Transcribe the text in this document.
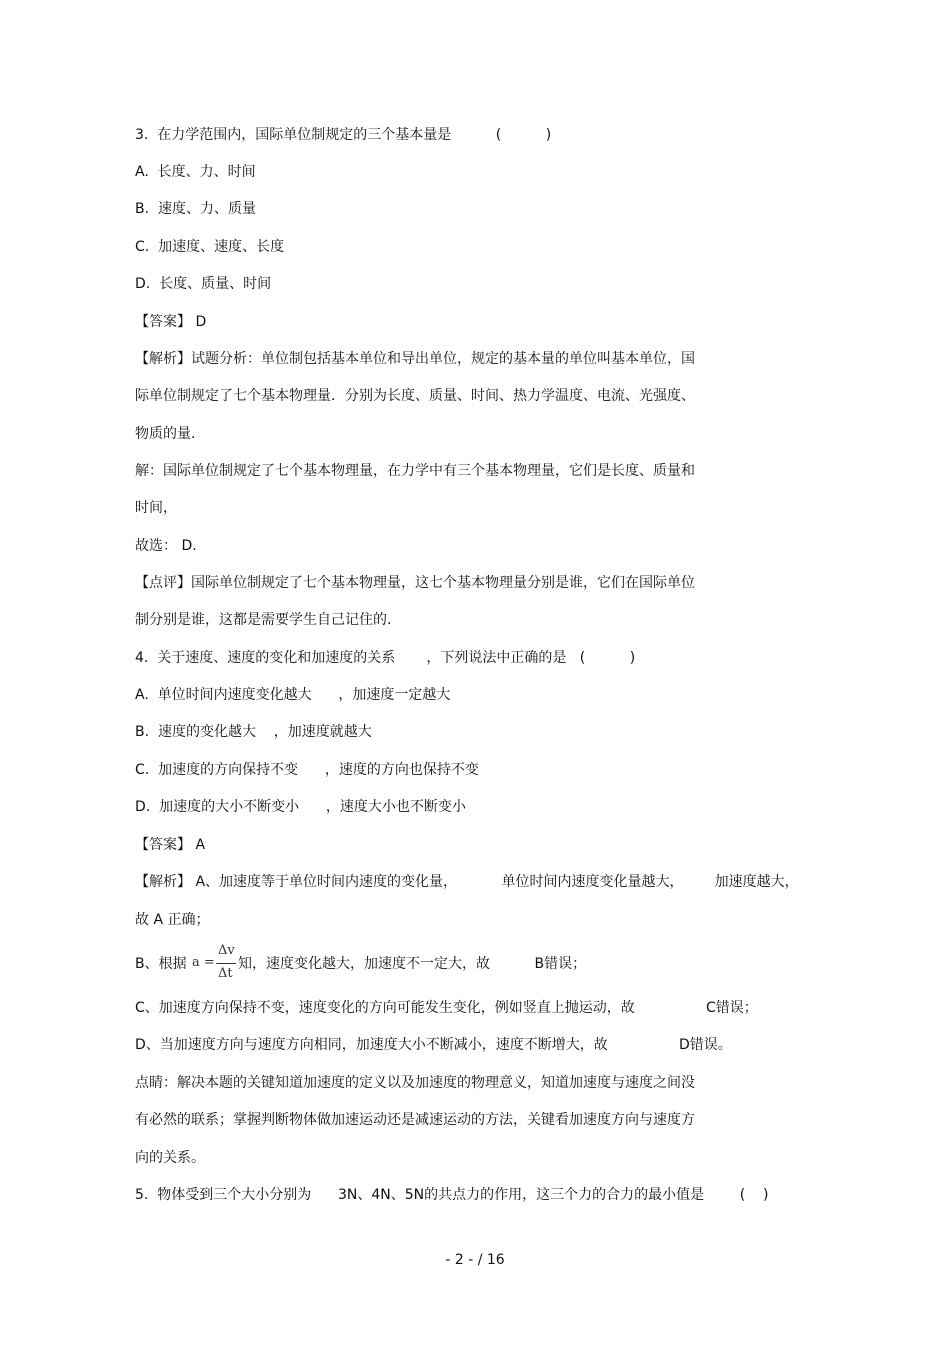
3.  在力学范围内，国际单位制规定的三个基本量是          (          )
A.  长度、力、时间
B.  速度、力、质量
C.  加速度、速度、长度
D.  长度、质量、时间
【答案】 D
【解析】试题分析：单位制包括基本单位和导出单位，规定的基本量的单位叫基本单位，国
际单位制规定了七个基本物理量．分别为长度、质量、时间、热力学温度、电流、光强度、
物质的量.
解：国际单位制规定了七个基本物理量，在力学中有三个基本物理量，它们是长度、质量和
时间，
故选： D.
【点评】国际单位制规定了七个基本物理量，这七个基本物理量分别是谁，它们在国际单位
制分别是谁，这都是需要学生自己记住的.
4.  关于速度、速度的变化和加速度的关系       ，下列说法中正确的是   (          )
A.  单位时间内速度变化越大      ，加速度一定越大
B.  速度的变化越大    ，加速度就越大
C.  加速度的方向保持不变      ，速度的方向也保持不变
D.  加速度的大小不断变小      ，速度大小也不断变小
【答案】 A
【解析】 A、加速度等于单位时间内速度的变化量，          单位时间内速度变化量越大，       加速度越大，
故 A 正确；
B、根据 a =
Δv
Δt
知，速度变化越大，加速度不一定大，故          B错误；
C、加速度方向保持不变，速度变化的方向可能发生变化，例如竖直上抛运动，故                C错误；
D、当加速度方向与速度方向相同，加速度大小不断减小，速度不断增大，故                D错误。
点睛：解决本题的关键知道加速度的定义以及加速度的物理意义，知道加速度与速度之间没
有必然的联系；掌握判断物体做加速运动还是减速运动的方法，关键看加速度方向与速度方
向的关系。
5.  物体受到三个大小分别为      3N、4N、5N的共点力的作用，这三个力的合力的最小值是        (    )
- 2 - / 16
